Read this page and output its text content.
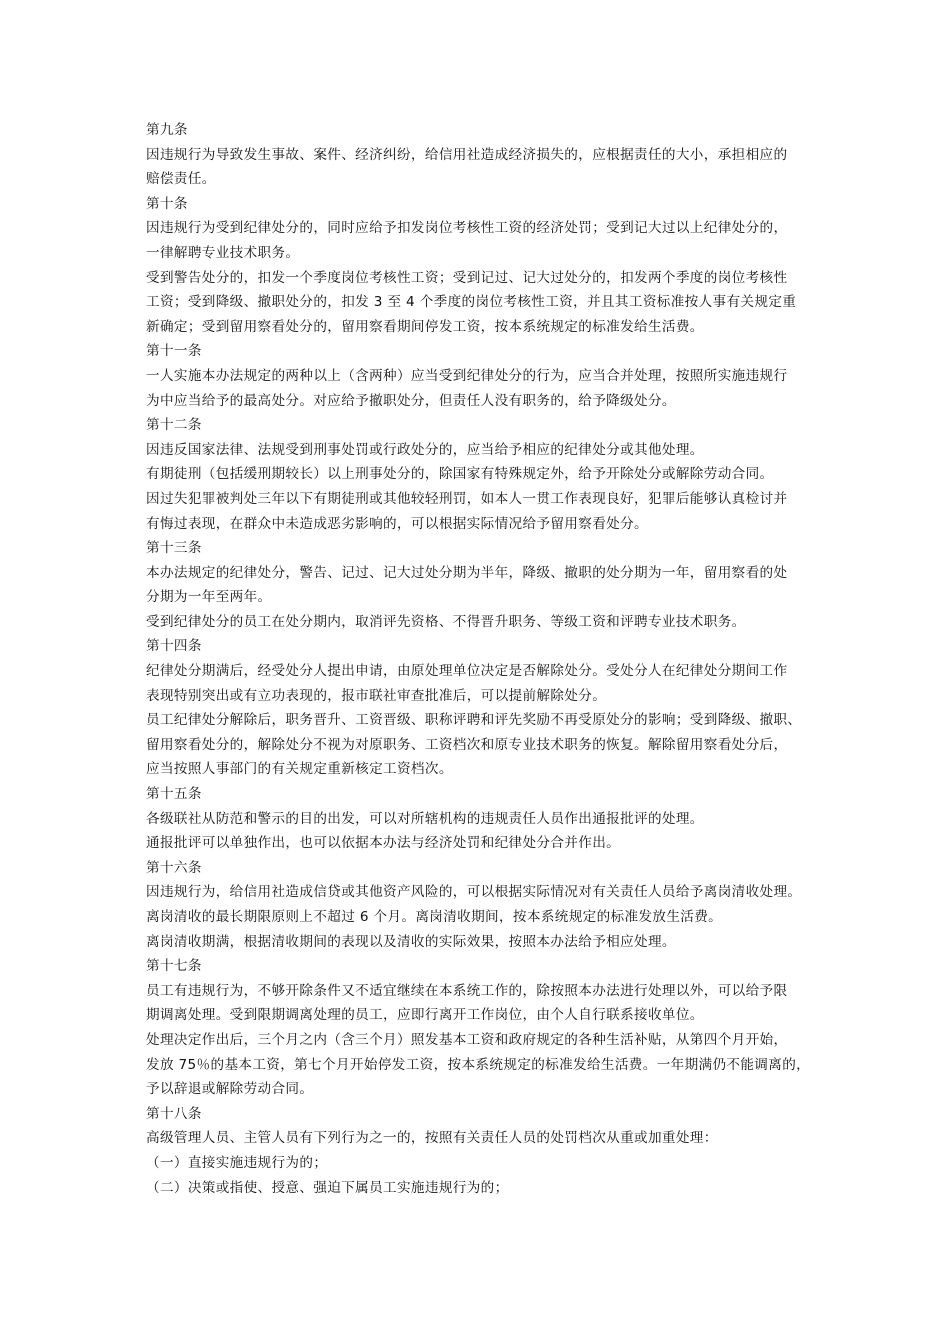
第九条
因违规行为导致发生事故、案件、经济纠纷，给信用社造成经济损失的，应根据责任的大小，承担相应的
赔偿责任。
第十条
因违规行为受到纪律处分的，同时应给予扣发岗位考核性工资的经济处罚；受到记大过以上纪律处分的，
一律解聘专业技术职务。
受到警告处分的，扣发一个季度岗位考核性工资；受到记过、记大过处分的，扣发两个季度的岗位考核性
工资；受到降级、撤职处分的，扣发 3 至 4 个季度的岗位考核性工资，并且其工资标准按人事有关规定重
新确定；受到留用察看处分的，留用察看期间停发工资，按本系统规定的标准发给生活费。
第十一条
一人实施本办法规定的两种以上（含两种）应当受到纪律处分的行为，应当合并处理，按照所实施违规行
为中应当给予的最高处分。对应给予撤职处分，但责任人没有职务的，给予降级处分。
第十二条
因违反国家法律、法规受到刑事处罚或行政处分的，应当给予相应的纪律处分或其他处理。
有期徒刑（包括缓刑期较长）以上刑事处分的，除国家有特殊规定外，给予开除处分或解除劳动合同。
因过失犯罪被判处三年以下有期徒刑或其他较轻刑罚，如本人一贯工作表现良好，犯罪后能够认真检讨并
有悔过表现，在群众中未造成恶劣影响的，可以根据实际情况给予留用察看处分。
第十三条
本办法规定的纪律处分，警告、记过、记大过处分期为半年，降级、撤职的处分期为一年，留用察看的处
分期为一年至两年。
受到纪律处分的员工在处分期内，取消评先资格、不得晋升职务、等级工资和评聘专业技术职务。
第十四条
纪律处分期满后，经受处分人提出申请，由原处理单位决定是否解除处分。受处分人在纪律处分期间工作
表现特别突出或有立功表现的，报市联社审查批准后，可以提前解除处分。
员工纪律处分解除后，职务晋升、工资晋级、职称评聘和评先奖励不再受原处分的影响；受到降级、撤职、
留用察看处分的，解除处分不视为对原职务、工资档次和原专业技术职务的恢复。解除留用察看处分后，
应当按照人事部门的有关规定重新核定工资档次。
第十五条
各级联社从防范和警示的目的出发，可以对所辖机构的违规责任人员作出通报批评的处理。
通报批评可以单独作出，也可以依据本办法与经济处罚和纪律处分合并作出。
第十六条
因违规行为，给信用社造成信贷或其他资产风险的，可以根据实际情况对有关责任人员给予离岗清收处理。
离岗清收的最长期限原则上不超过 6 个月。离岗清收期间，按本系统规定的标准发放生活费。
离岗清收期满，根据清收期间的表现以及清收的实际效果，按照本办法给予相应处理。
第十七条
员工有违规行为，不够开除条件又不适宜继续在本系统工作的，除按照本办法进行处理以外，可以给予限
期调离处理。受到限期调离处理的员工，应即行离开工作岗位，由个人自行联系接收单位。
处理决定作出后，三个月之内（含三个月）照发基本工资和政府规定的各种生活补贴，从第四个月开始，
发放 75％的基本工资，第七个月开始停发工资，按本系统规定的标准发给生活费。一年期满仍不能调离的，
予以辞退或解除劳动合同。
第十八条
高级管理人员、主管人员有下列行为之一的，按照有关责任人员的处罚档次从重或加重处理：
（一）直接实施违规行为的；
（二）决策或指使、授意、强迫下属员工实施违规行为的；
